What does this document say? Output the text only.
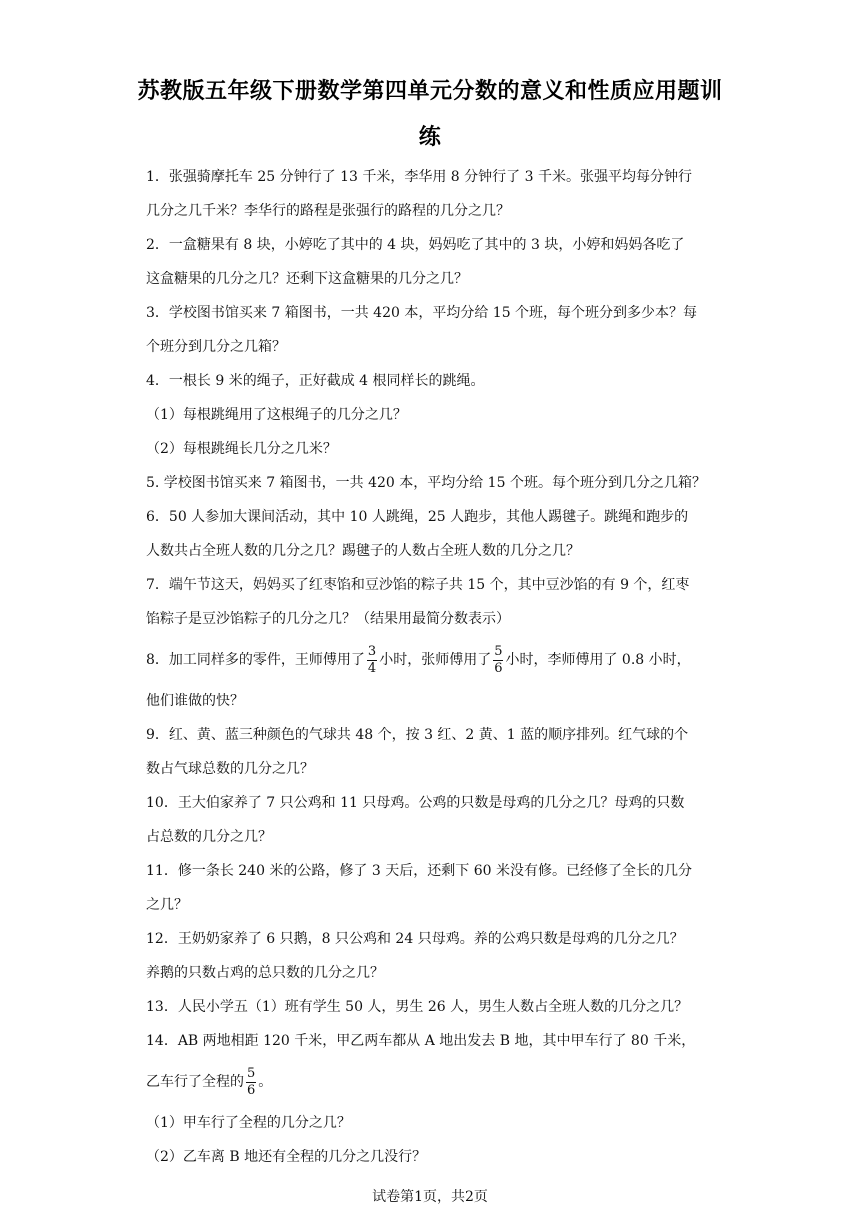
苏教版五年级下册数学第四单元分数的意义和性质应用题训
练
1．张强骑摩托车 25 分钟行了 13 千米，李华用 8 分钟行了 3 千米。张强平均每分钟行
几分之几千米？李华行的路程是张强行的路程的几分之几？
2．一盒糖果有 8 块，小婷吃了其中的 4 块，妈妈吃了其中的 3 块，小婷和妈妈各吃了
这盒糖果的几分之几？还剩下这盒糖果的几分之几？
3．学校图书馆买来 7 箱图书，一共 420 本，平均分给 15 个班，每个班分到多少本？每
个班分到几分之几箱？
4．一根长 9 米的绳子，正好截成 4 根同样长的跳绳。
（1）每根跳绳用了这根绳子的几分之几？
（2）每根跳绳长几分之几米？
5. 学校图书馆买来 7 箱图书，一共 420 本，平均分给 15 个班。每个班分到几分之几箱？
6．50 人参加大课间活动，其中 10 人跳绳，25 人跑步，其他人踢毽子。跳绳和跑步的
人数共占全班人数的几分之几？踢毽子的人数占全班人数的几分之几？
7．端午节这天，妈妈买了红枣馅和豆沙馅的粽子共 15 个，其中豆沙馅的有 9 个，红枣
馅粽子是豆沙馅粽子的几分之几？（结果用最简分数表示）
8．加工同样多的零件，王师傅用了 $\frac{3}{4}$ 小时，张师傅用了 $\frac{5}{6}$ 小时，李师傅用了 0.8 小时，
他们谁做的快？
9．红、黄、蓝三种颜色的气球共 48 个，按 3 红、2 黄、1 蓝的顺序排列。红气球的个
数占气球总数的几分之几？
10．王大伯家养了 7 只公鸡和 11 只母鸡。公鸡的只数是母鸡的几分之几？母鸡的只数
占总数的几分之几？
11．修一条长 240 米的公路，修了 3 天后，还剩下 60 米没有修。已经修了全长的几分
之几？
12．王奶奶家养了 6 只鹅，8 只公鸡和 24 只母鸡。养的公鸡只数是母鸡的几分之几？
养鹅的只数占鸡的总只数的几分之几？
13．人民小学五（1）班有学生 50 人，男生 26 人，男生人数占全班人数的几分之几？
14．AB 两地相距 120 千米，甲乙两车都从 A 地出发去 B 地，其中甲车行了 80 千米，
乙车行了全程的 $\frac{5}{6}$ 。
（1）甲车行了全程的几分之几？
（2）乙车离 B 地还有全程的几分之几没行？
试卷第1页，共2页
